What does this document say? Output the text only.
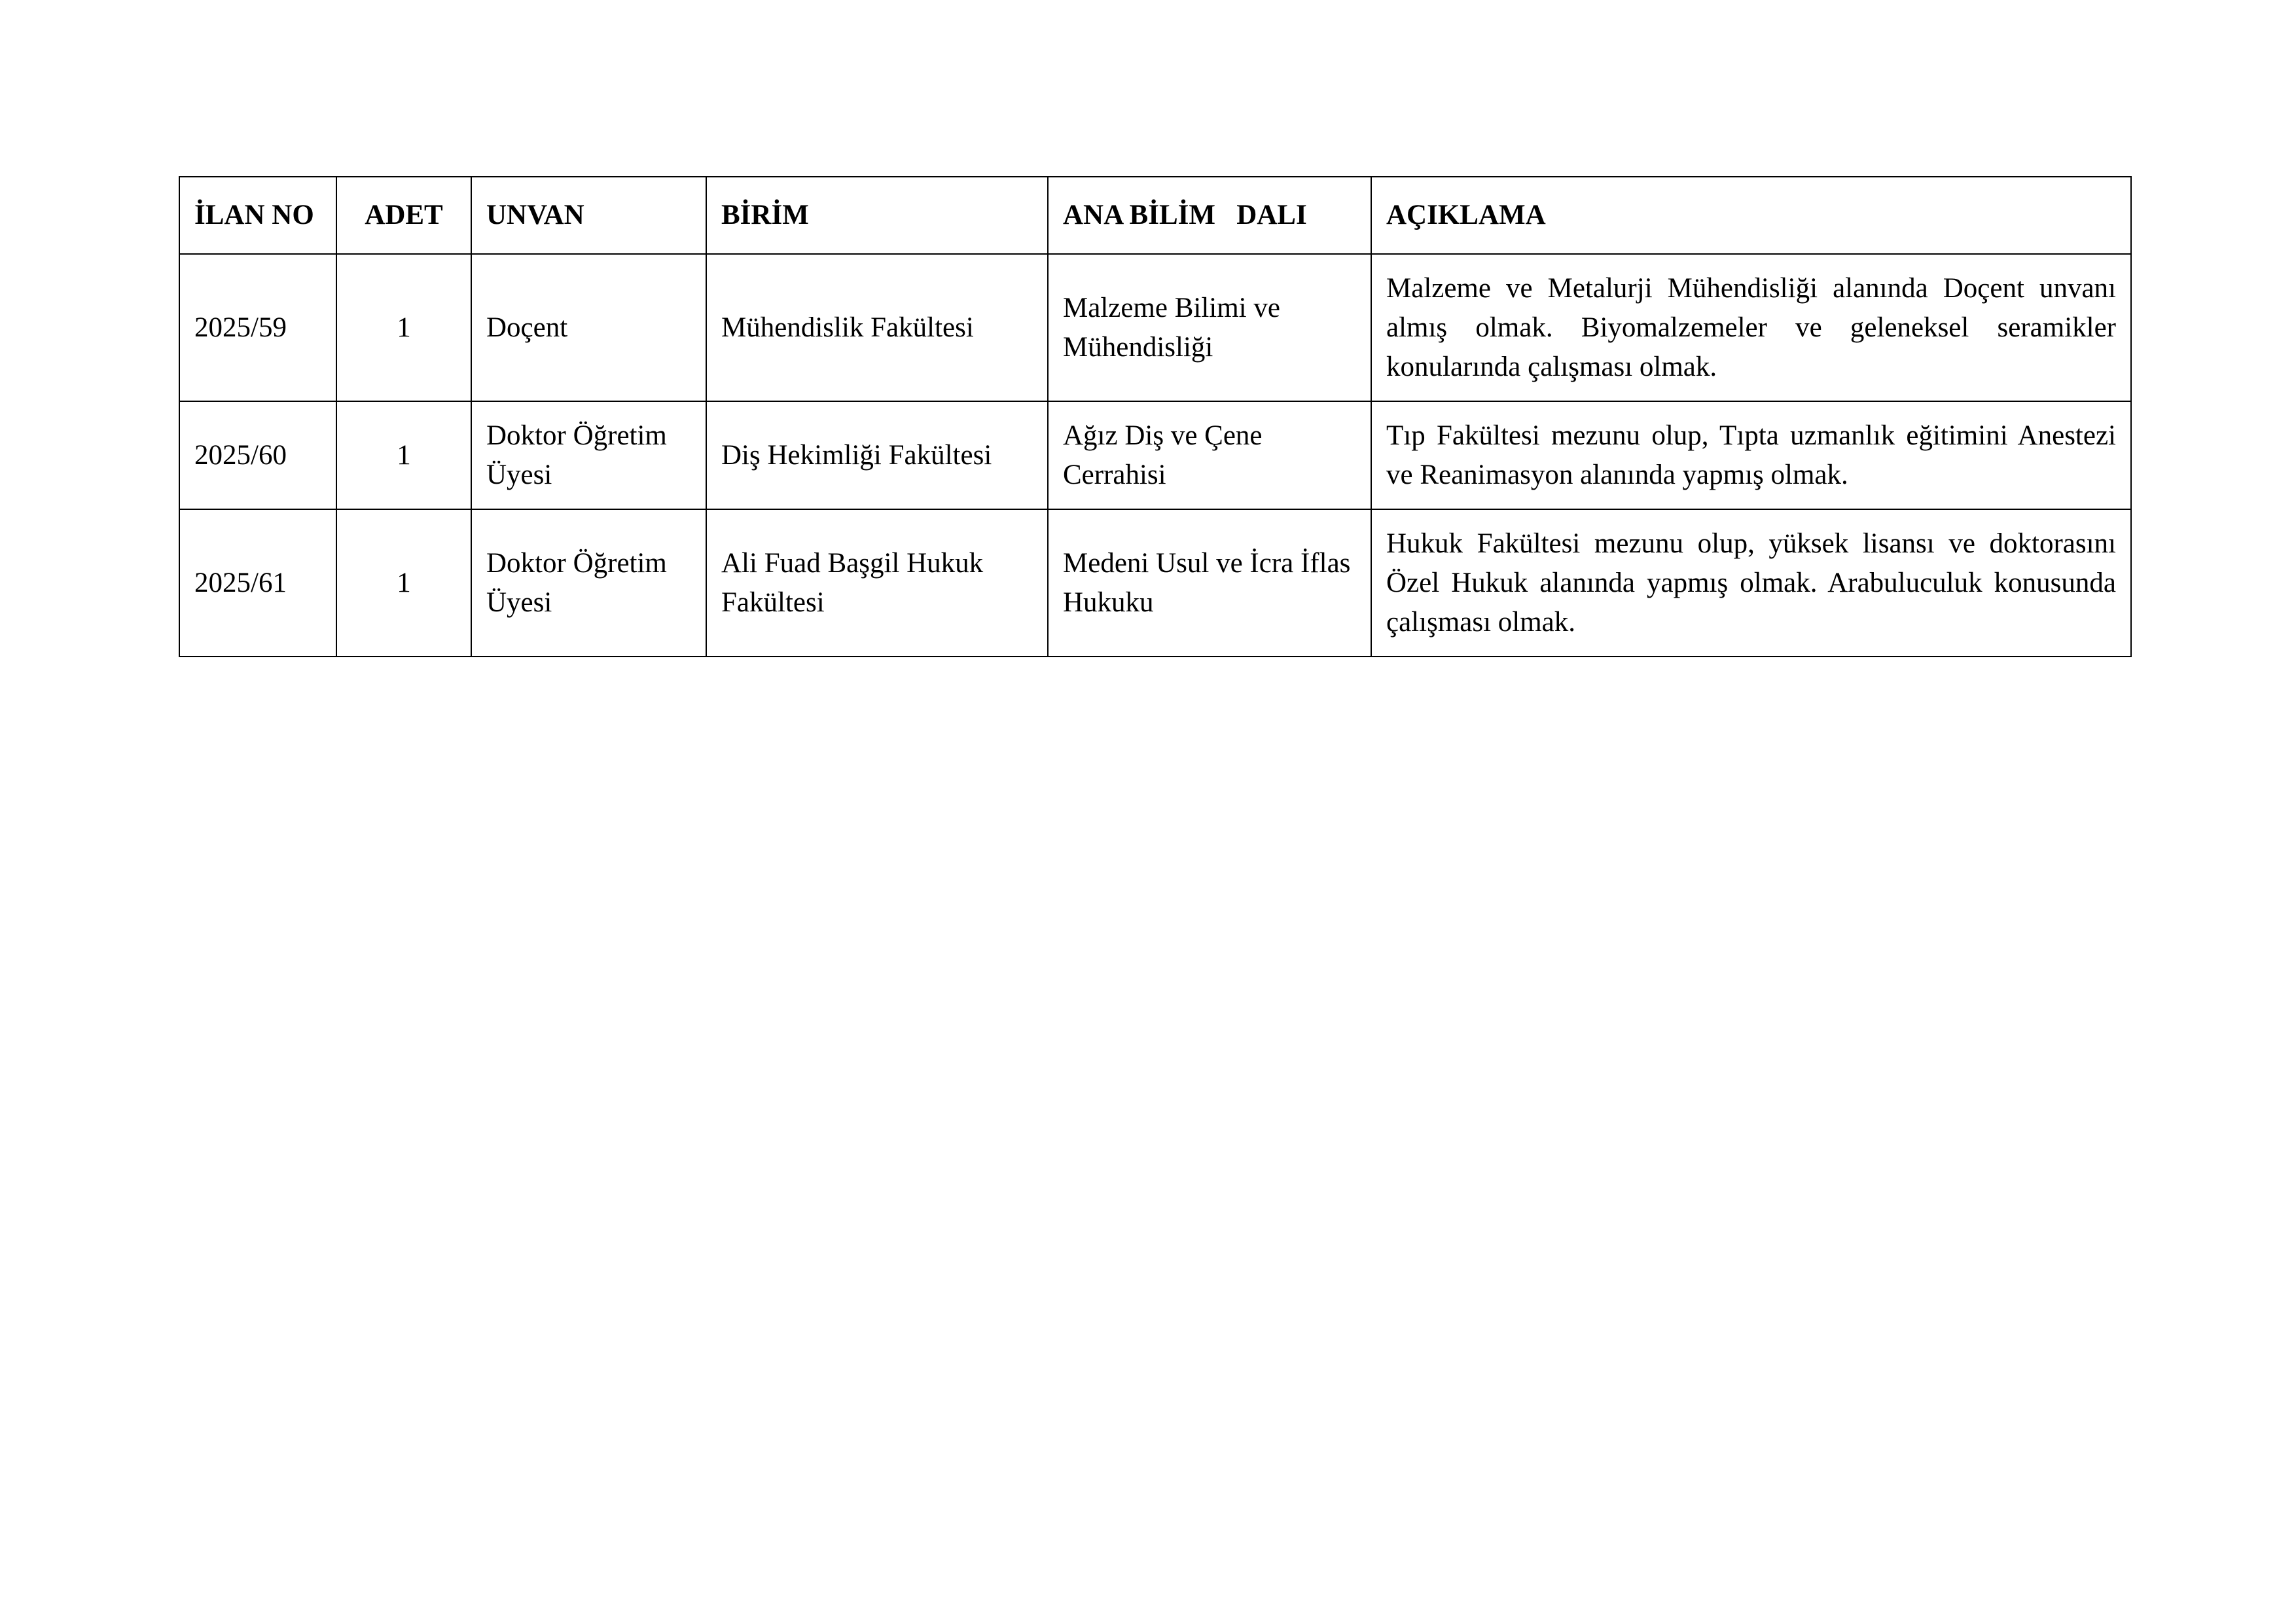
İLAN NO	ADET	UNVAN	BİRİM	ANA BİLİM   DALI	AÇIKLAMA
2025/59	1	Doçent	Mühendislik Fakültesi	Malzeme Bilimi ve Mühendisliği	Malzeme ve Metalurji Mühendisliği alanında Doçent unvanı almış olmak. Biyomalzemeler ve geleneksel seramikler konularında çalışması olmak.
2025/60	1	Doktor Öğretim Üyesi	Diş Hekimliği Fakültesi	Ağız Diş ve Çene Cerrahisi	Tıp Fakültesi mezunu olup, Tıpta uzmanlık eğitimini Anestezi ve Reanimasyon alanında yapmış olmak.
2025/61	1	Doktor Öğretim Üyesi	Ali Fuad Başgil Hukuk Fakültesi	Medeni Usul ve İcra İflas Hukuku	Hukuk Fakültesi mezunu olup, yüksek lisansı ve doktorasını Özel Hukuk alanında yapmış olmak. Arabuluculuk konusunda çalışması olmak.
